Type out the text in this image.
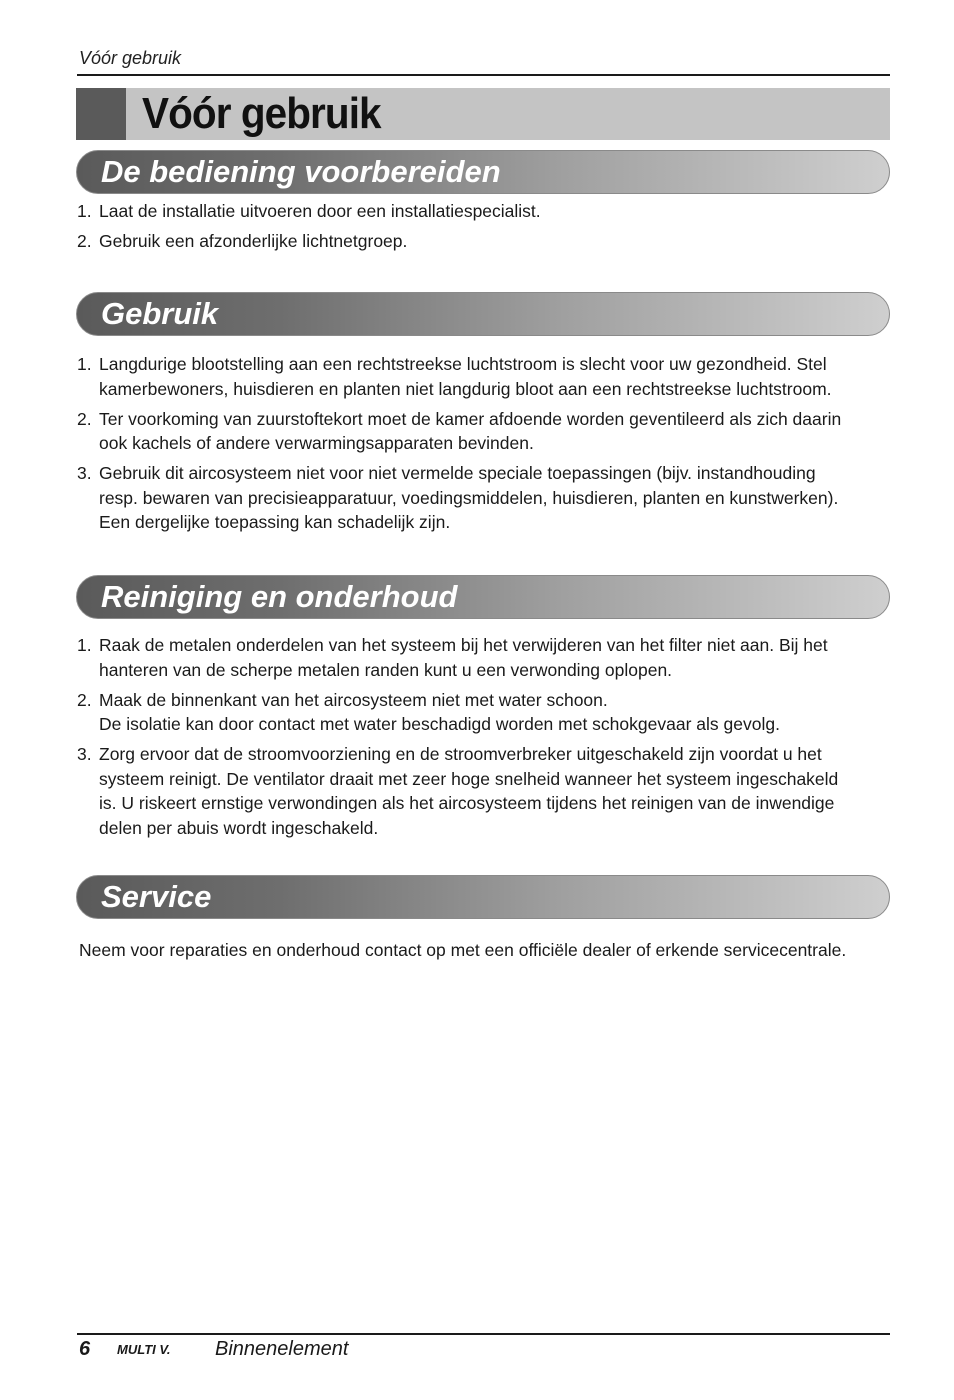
Vóór gebruik
Vóór gebruik
De bediening voorbereiden
1. Laat de installatie uitvoeren door een installatiespecialist.
2. Gebruik een afzonderlijke lichtnetgroep.
Gebruik
1. Langdurige blootstelling aan een rechtstreekse luchtstroom is slecht voor uw gezondheid. Stel
kamerbewoners, huisdieren en planten niet langdurig bloot aan een rechtstreekse luchtstroom.
2. Ter voorkoming van zuurstoftekort moet de kamer afdoende worden geventileerd als zich daarin
ook kachels of andere verwarmingsapparaten bevinden.
3. Gebruik dit aircosysteem niet voor niet vermelde speciale toepassingen (bijv. instandhouding
resp. bewaren van precisieapparatuur, voedingsmiddelen, huisdieren, planten en kunstwerken).
Een dergelijke toepassing kan schadelijk zijn.
Reiniging en onderhoud
1. Raak de metalen onderdelen van het systeem bij het verwijderen van het filter niet aan. Bij het
hanteren van de scherpe metalen randen kunt u een verwonding oplopen.
2. Maak de binnenkant van het aircosysteem niet met water schoon.
De isolatie kan door contact met water beschadigd worden met schokgevaar als gevolg.
3. Zorg ervoor dat de stroomvoorziening en de stroomverbreker uitgeschakeld zijn voordat u het
systeem reinigt. De ventilator draait met zeer hoge snelheid wanneer het systeem ingeschakeld
is. U riskeert ernstige verwondingen als het aircosysteem tijdens het reinigen van de inwendige
delen per abuis wordt ingeschakeld.
Service
Neem voor reparaties en onderhoud contact op met een officiële dealer of erkende servicecentrale.
6	MULTI V. Binnenelement
